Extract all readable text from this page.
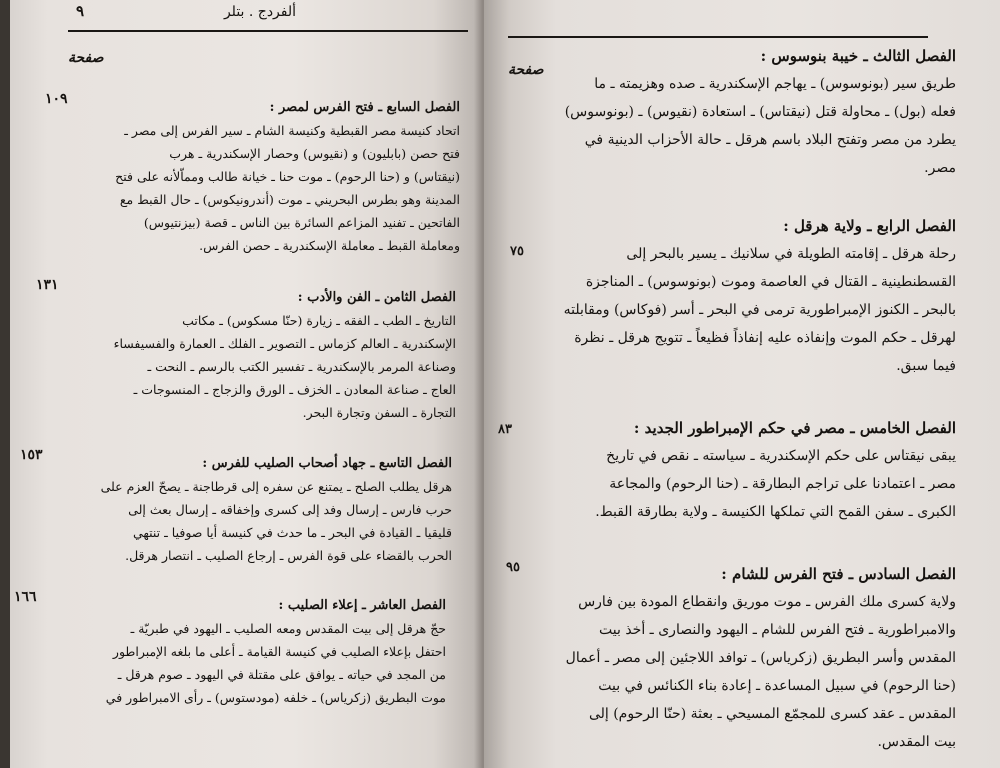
٩	ألفردج . بتلر
صفحة
الفصل السابع ـ فتح الفرس لمصر :
١٠٩
اتحاد كنيسة مصر القبطية وكنيسة الشام ـ سير الفرس إلى مصر ـ
فتح حصن (بابليون) و (نقيوس) وحصار الإسكندرية ـ هرب
(نيقتاس) و (حنا الرحوم) ـ موت حنا ـ خيانة طالب ومماّلأنه على فتح
المدينة وهو بطرس البحريني ـ موت (أندرونيكوس) ـ حال القبط مع
الفاتحين ـ تفنيد المزاعم السائرة بين الناس ـ قصة (بيزنتيوس)
ومعاملة القبط ـ معاملة الإسكندرية ـ حصن الفرس.
الفصل الثامن ـ الفن والأدب :
١٣١
التاريخ ـ الطب ـ الفقه ـ زيارة (حنّا مسكوس) ـ مكاتب
الإسكندرية ـ العالم كزماس ـ التصوير ـ الفلك ـ العمارة والفسيفساء
وصناعة المرمر بالإسكندرية ـ تفسير الكتب بالرسم ـ النحت ـ
العاج ـ صناعة المعادن ـ الخزف ـ الورق والزجاج ـ المنسوجات ـ
التجارة ـ السفن وتجارة البحر.
الفصل التاسع ـ جهاد أصحاب الصليب للفرس :
١٥٣
هرقل يطلب الصلح ـ يمتنع عن سفره إلى قرطاجنة ـ يصحّ العزم على
حرب فارس ـ إرسال وفد إلى كسرى وإخفاقه ـ إرسال بعث إلى
قليقيا ـ القيادة في البحر ـ ما حدث في كنيسة أيا صوفيا ـ تنتهي
الحرب بالقضاء على قوة الفرس ـ إرجاع الصليب ـ انتصار هرقل.
الفصل العاشر ـ إعلاء الصليب :
١٦٦
حجّ هرقل إلى بيت المقدس ومعه الصليب ـ اليهود في طبريّة ـ
احتفل بإعلاء الصليب في كنيسة القيامة ـ أعلى ما بلغه الإمبراطور
من المجد في حياته ـ يوافق على مقتلة في اليهود ـ صوم هرقل ـ
موت البطريق (زكرياس) ـ خلفه (مودستوس) ـ رأى الامبراطور في
صفحة
الفصل الثالث ـ خيبة بنوسوس :
طريق سير (بونوسوس) ـ يهاجم الإسكندرية ـ صده وهزيمته ـ ما
فعله (بول) ـ محاولة قتل (نيقتاس) ـ استعادة (نقيوس) ـ (بونوسوس)
يطرد من مصر وتفتح البلاد باسم هرقل ـ حالة الأحزاب الدينية في
مصر.
الفصل الرابع ـ ولاية هرقل :
٧٥	رحلة هرقل ـ إقامته الطويلة في سلانيك ـ يسير بالبحر إلى
القسطنطينية ـ القتال في العاصمة وموت (بونوسوس) ـ المناجزة
بالبحر ـ الكنوز الإمبراطورية ترمى في البحر ـ أسر (فوكاس) ومقابلته
لهرقل ـ حكم الموت وإنفاذه عليه إنفاذاً فظيعاً ـ تتويج هرقل ـ نظرة
فيما سبق.
الفصل الخامس ـ مصر في حكم الإمبراطور الجديد :
٨٣
يبقى نيقتاس على حكم الإسكندرية ـ سياسته ـ نقص في تاريخ
مصر ـ اعتمادنا على تراجم البطارقة ـ (حنا الرحوم) والمجاعة
الكبرى ـ سفن القمح التي تملكها الكنيسة ـ ولاية بطارقة القبط.
الفصل السادس ـ فتح الفرس للشام :
٩٥
ولاية كسرى ملك الفرس ـ موت موريق وانقطاع المودة بين فارس
والامبراطورية ـ فتح الفرس للشام ـ اليهود والنصارى ـ أخذ بيت
المقدس وأسر البطريق (زكرياس) ـ توافد اللاجئين إلى مصر ـ أعمال
(حنا الرحوم) في سبيل المساعدة ـ إعادة بناء الكنائس في بيت
المقدس ـ عقد كسرى للمجمّع المسيحي ـ بعثة (حنّا الرحوم) إلى
بيت المقدس.
